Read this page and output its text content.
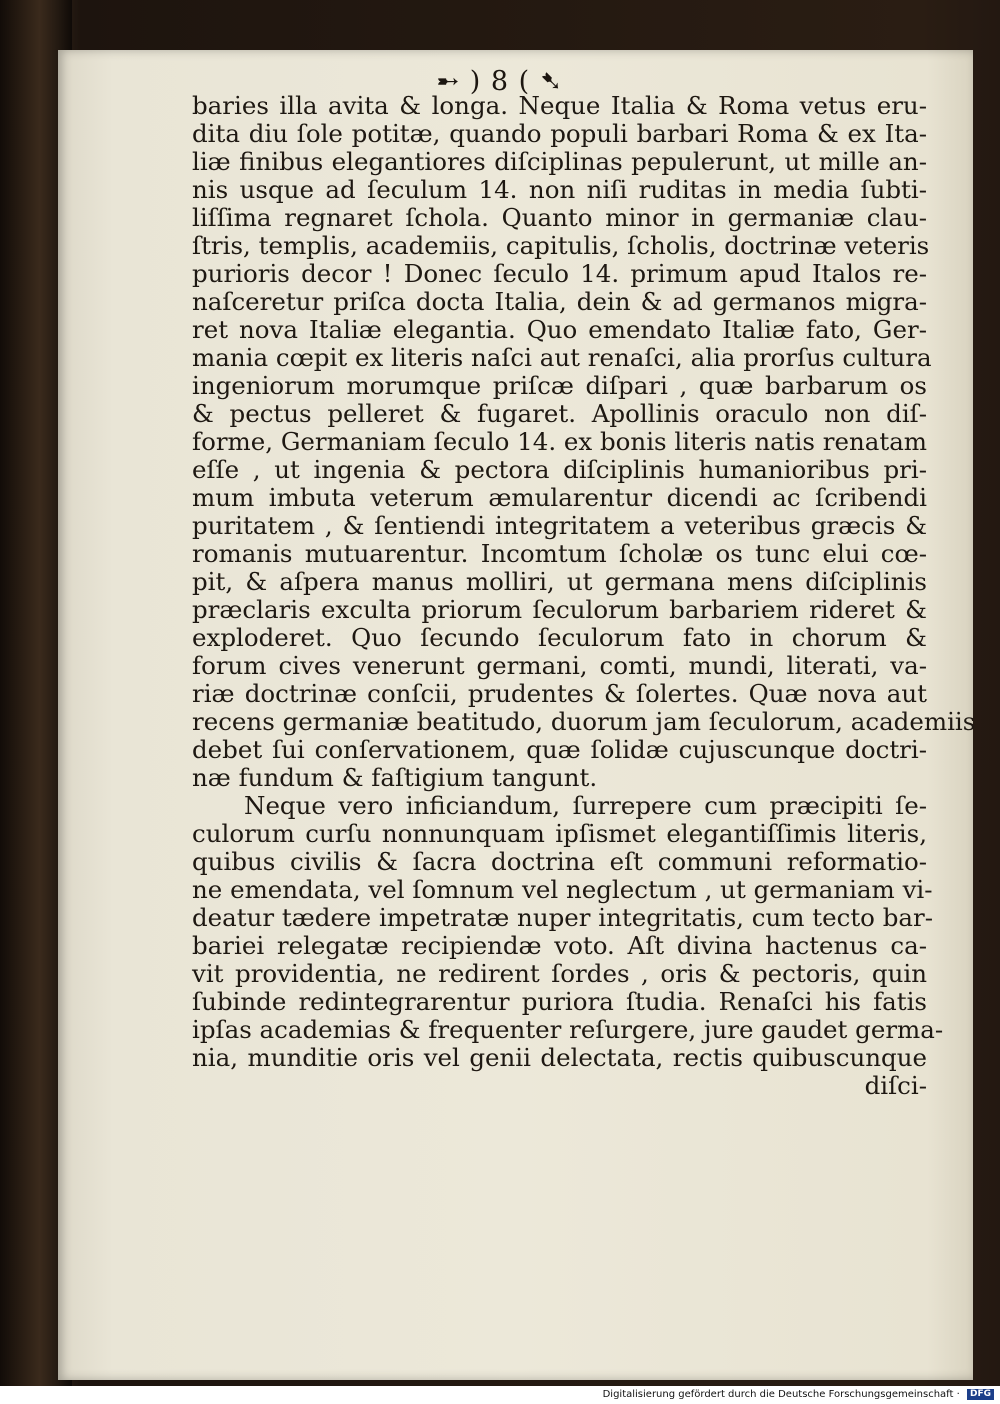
➸ ) 8 ( ➷
baries illa avita & longa. Neque Italia & Roma vetus eru-
dita diu ſole potitæ, quando populi barbari Roma & ex Ita-
liæ finibus elegantiores diſciplinas pepulerunt, ut mille an-
nis usque ad ſeculum 14. non niſi ruditas in media ſubti-
liſſima regnaret ſchola. Quanto minor in germaniæ clau-
ſtris, templis, academiis, capitulis, ſcholis, doctrinæ veteris
purioris decor ! Donec ſeculo 14. primum apud Italos re-
naſceretur priſca docta Italia, dein & ad germanos migra-
ret nova Italiæ elegantia. Quo emendato Italiæ fato, Ger-
mania cœpit ex literis naſci aut renaſci, alia prorſus cultura
ingeniorum morumque priſcæ diſpari , quæ barbarum os
& pectus pelleret & fugaret. Apollinis oraculo non diſ-
forme, Germaniam ſeculo 14. ex bonis literis natis renatam
eſſe , ut ingenia & pectora diſciplinis humanioribus pri-
mum imbuta veterum æmularentur dicendi ac ſcribendi
puritatem , & ſentiendi integritatem a veteribus græcis &
romanis mutuarentur. Incomtum ſcholæ os tunc elui cœ-
pit, & aſpera manus molliri, ut germana mens diſciplinis
præclaris exculta priorum ſeculorum barbariem rideret &
exploderet. Quo ſecundo ſeculorum fato in chorum &
forum cives venerunt germani, comti, mundi, literati, va-
riæ doctrinæ conſcii, prudentes & ſolertes. Quæ nova aut
recens germaniæ beatitudo, duorum jam ſeculorum, academiis
debet ſui conſervationem, quæ ſolidæ cujuscunque doctri-
næ fundum & faſtigium tangunt.
Neque vero inficiandum, ſurrepere cum præcipiti ſe-
culorum curſu nonnunquam ipſismet elegantiſſimis literis,
quibus civilis & ſacra doctrina eſt communi reformatio-
ne emendata, vel ſomnum vel neglectum , ut germaniam vi-
deatur tædere impetratæ nuper integritatis, cum tecto bar-
bariei relegatæ recipiendæ voto. Aſt divina hactenus ca-
vit providentia, ne redirent ſordes , oris & pectoris, quin
ſubinde redintegrarentur puriora ſtudia. Renaſci his fatis
ipſas academias & frequenter reſurgere, jure gaudet germa-
nia, munditie oris vel genii delectata, rectis quibuscunque
diſci-
Digitalisierung gefördert durch die Deutsche Forschungsgemeinschaft · DFG
